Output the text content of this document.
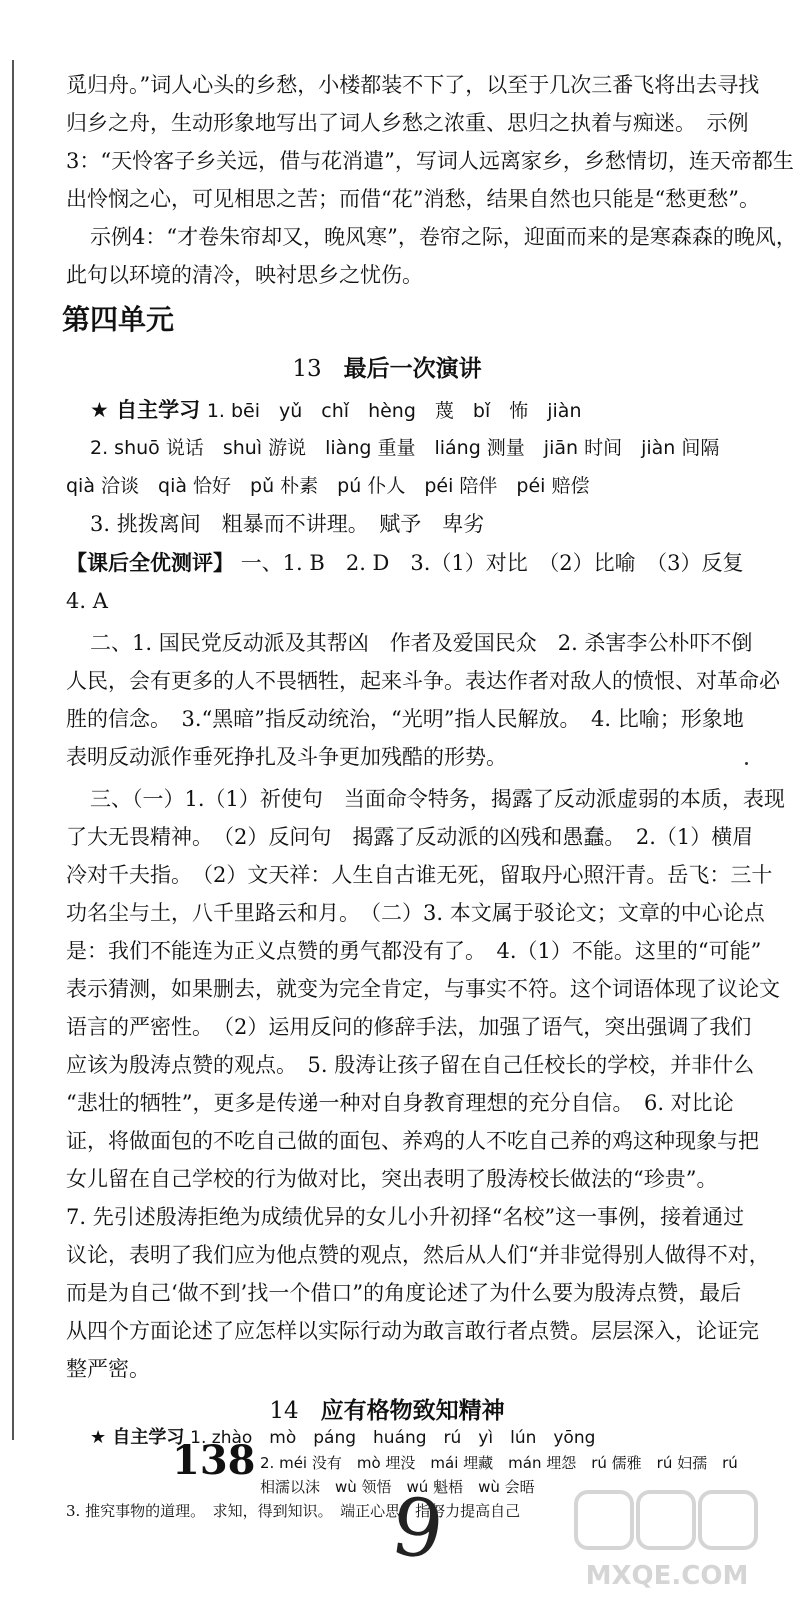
觅归舟。”词人心头的乡愁，小楼都装不下了，以至于几次三番飞将出去寻找
归乡之舟，生动形象地写出了词人乡愁之浓重、思归之执着与痴迷。　示例
3：“天怜客子乡关远，借与花消遣”，写词人远离家乡，乡愁情切，连天帝都生
出怜悯之心，可见相思之苦；而借“花”消愁，结果自然也只能是“愁更愁”。
示例4：“才卷朱帘却又，晚风寒”，卷帘之际，迎面而来的是寒森森的晚风，
此句以环境的清冷，映衬思乡之忧伤。
第四单元
13 最后一次演讲
★ 自主学习 1. bēi　yǔ　chǐ　hèng　蔑　bǐ　怖　jiàn
2. shuō 说话　shuì 游说　liàng 重量　liáng 测量　jiān 时间　jiàn 间隔
qià 洽谈　qià 恰好　pǔ 朴素　pú 仆人　péi 陪伴　péi 赔偿
3. 挑拨离间　粗暴而不讲理。　赋予　卑劣
【课后全优测评】 一、1. B　2. D　3.（1）对比　（2）比喻　（3）反复
4. A
二、1. 国民党反动派及其帮凶　作者及爱国民众　2. 杀害李公朴吓不倒
人民，会有更多的人不畏牺牲，起来斗争。表达作者对敌人的愤恨、对革命必
胜的信念。　3.“黑暗”指反动统治，“光明”指人民解放。　4. 比喻；形象地
表明反动派作垂死挣扎及斗争更加残酷的形势。
三、（一）1.（1）祈使句　当面命令特务，揭露了反动派虚弱的本质，表现
了大无畏精神。　（2）反问句　揭露了反动派的凶残和愚蠢。　2.（1）横眉
冷对千夫指。　（2）文天祥：人生自古谁无死，留取丹心照汗青。岳飞：三十
功名尘与土，八千里路云和月。　（二）3. 本文属于驳论文；文章的中心论点
是：我们不能连为正义点赞的勇气都没有了。　4.（1）不能。这里的“可能”
表示猜测，如果删去，就变为完全肯定，与事实不符。这个词语体现了议论文
语言的严密性。　（2）运用反问的修辞手法，加强了语气，突出强调了我们
应该为殷涛点赞的观点。　5. 殷涛让孩子留在自己任校长的学校，并非什么
“悲壮的牺牲”，更多是传递一种对自身教育理想的充分自信。　6. 对比论
证，将做面包的不吃自己做的面包、养鸡的人不吃自己养的鸡这种现象与把
女儿留在自己学校的行为做对比，突出表明了殷涛校长做法的“珍贵”。
7. 先引述殷涛拒绝为成绩优异的女儿小升初择“名校”这一事例，接着通过
议论，表明了我们应为他点赞的观点，然后从人们“并非觉得别人做得不对，
而是为自己‘做不到’找一个借口”的角度论述了为什么要为殷涛点赞，最后
从四个方面论述了应怎样以实际行动为敢言敢行者点赞。层层深入，论证完
整严密。
14 应有格物致知精神
★ 自主学习 1. zhào　mò　páng　huáng　rú　yì　lún　yōng
138 2. méi 没有　mò 埋没　mái 埋藏　mán 埋怨　rú 儒雅　rú 妇孺　rú
相濡以沫　wù 领悟　wú 魁梧　wù 会晤
3. 推究事物的道理。　求知，得到知识。　端正心思。指努力提高自己
9	MXQE.COM
